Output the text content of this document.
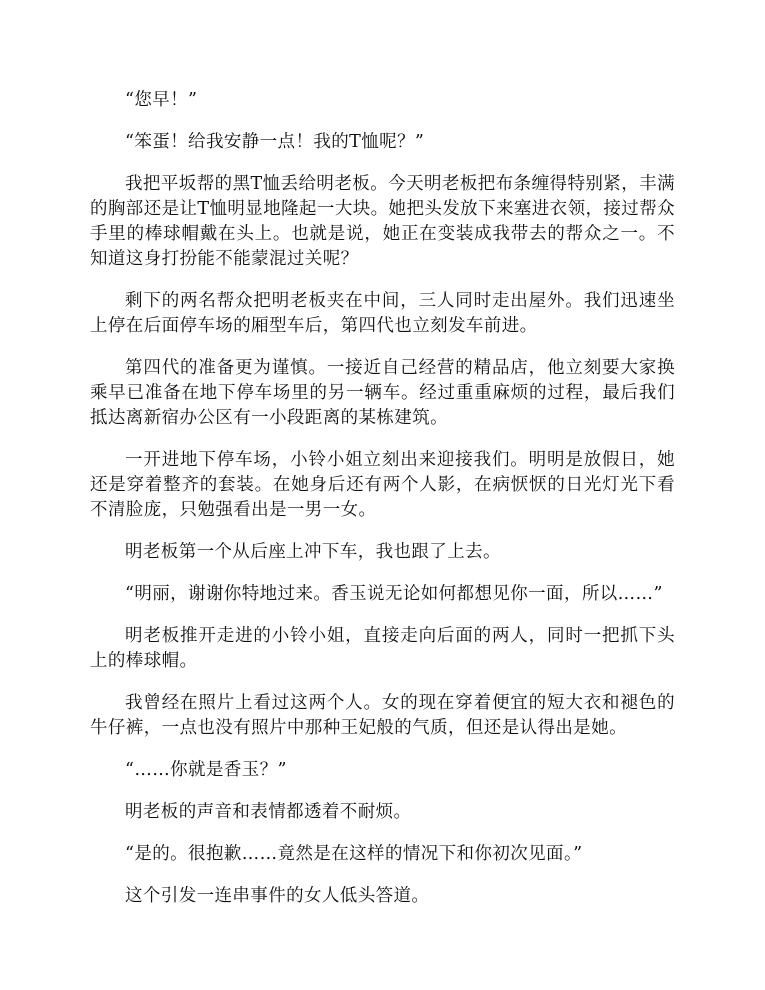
“您早！”

“笨蛋！给我安静一点！我的T恤呢？”

我把平坂帮的黑T恤丢给明老板。今天明老板把布条缠得特别紧，丰满的胸部还是让T恤明显地隆起一大块。她把头发放下来塞进衣领，接过帮众手里的棒球帽戴在头上。也就是说，她正在变装成我带去的帮众之一。不知道这身打扮能不能蒙混过关呢？

剩下的两名帮众把明老板夹在中间，三人同时走出屋外。我们迅速坐上停在后面停车场的厢型车后，第四代也立刻发车前进。

第四代的准备更为谨慎。一接近自己经营的精品店，他立刻要大家换乘早已准备在地下停车场里的另一辆车。经过重重麻烦的过程，最后我们抵达离新宿办公区有一小段距离的某栋建筑。

一开进地下停车场，小铃小姐立刻出来迎接我们。明明是放假日，她还是穿着整齐的套装。在她身后还有两个人影，在病恹恹的日光灯光下看不清脸庞，只勉强看出是一男一女。

明老板第一个从后座上冲下车，我也跟了上去。

“明丽，谢谢你特地过来。香玉说无论如何都想见你一面，所以……”

明老板推开走进的小铃小姐，直接走向后面的两人，同时一把抓下头上的棒球帽。

我曾经在照片上看过这两个人。女的现在穿着便宜的短大衣和褪色的牛仔裤，一点也没有照片中那种王妃般的气质，但还是认得出是她。

“……你就是香玉？”

明老板的声音和表情都透着不耐烦。

“是的。很抱歉……竟然是在这样的情况下和你初次见面。”

这个引发一连串事件的女人低头答道。
